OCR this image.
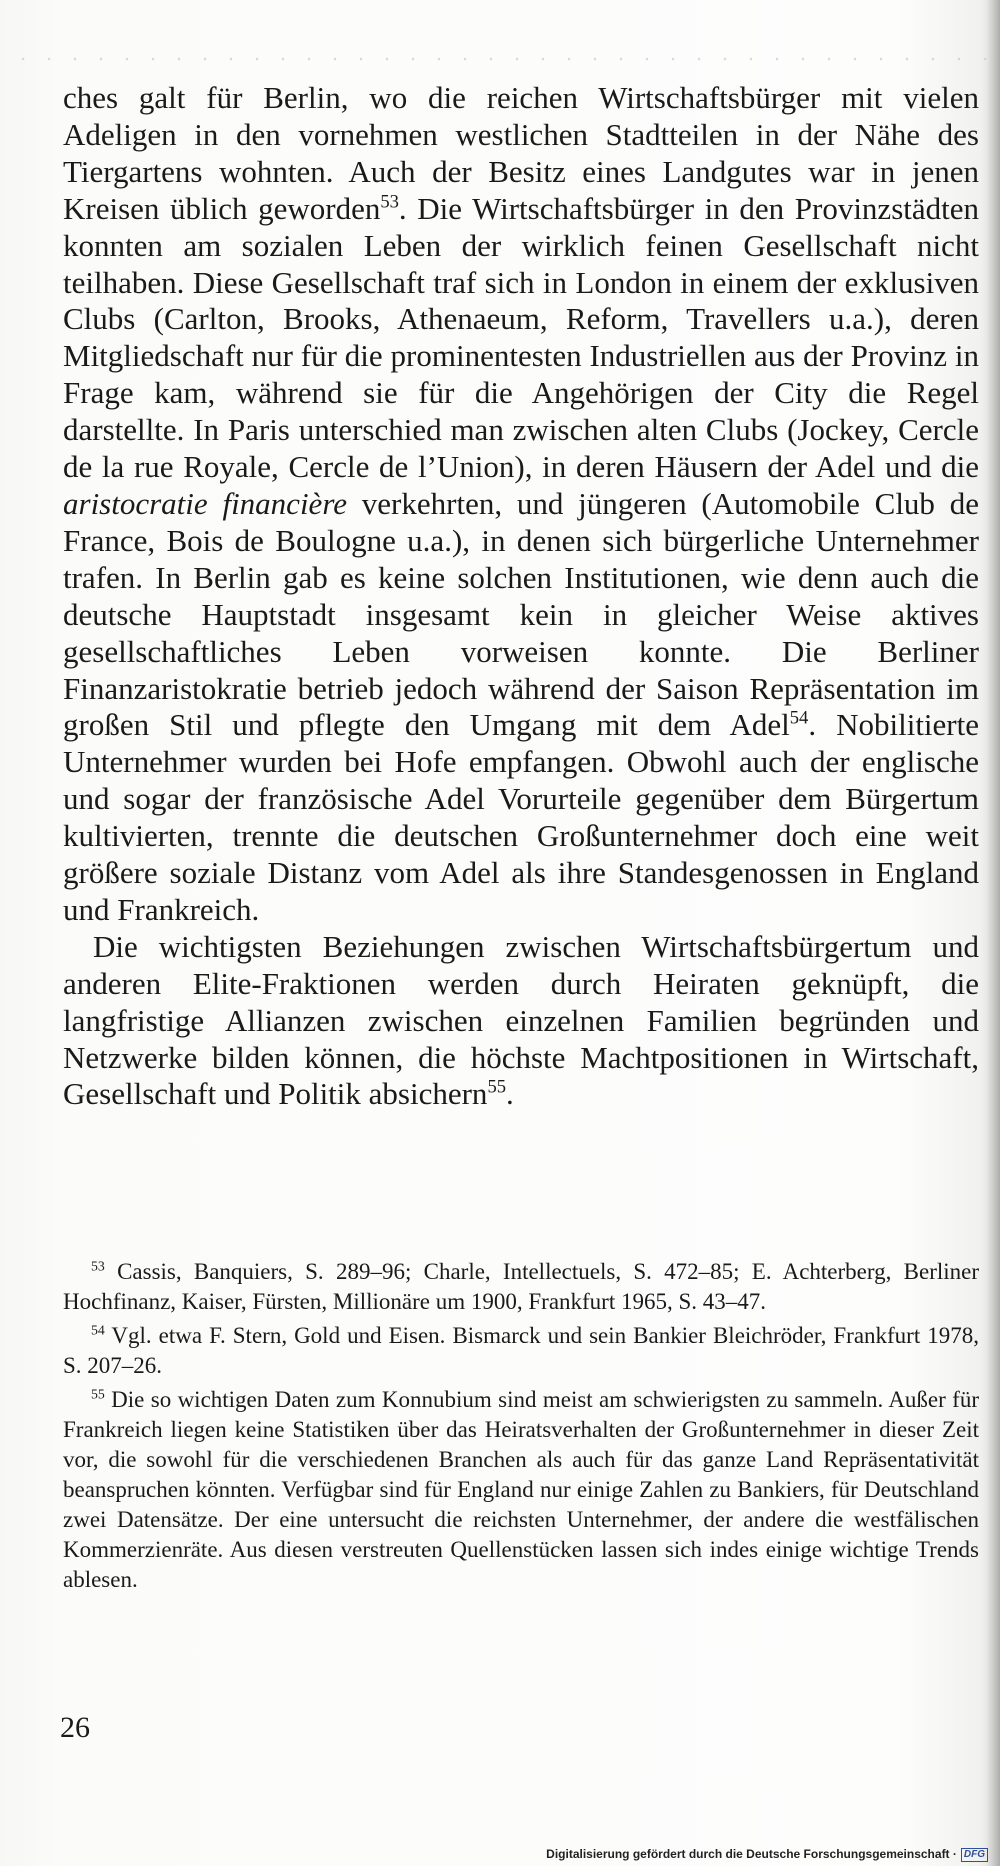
ches galt für Berlin, wo die reichen Wirtschaftsbürger mit vielen Adeligen in den vornehmen westlichen Stadtteilen in der Nähe des Tiergartens wohnten. Auch der Besitz eines Landgutes war in jenen Kreisen üblich geworden$^{53}$. Die Wirtschaftsbürger in den Provinzstädten konnten am sozialen Leben der wirklich feinen Gesellschaft nicht teilhaben. Diese Gesellschaft traf sich in London in einem der exklusiven Clubs (Carlton, Brooks, Athenaeum, Reform, Travellers u.a.), deren Mitgliedschaft nur für die prominentesten Industriellen aus der Provinz in Frage kam, während sie für die Angehörigen der City die Regel darstellte. In Paris unterschied man zwischen alten Clubs (Jockey, Cercle de la rue Royale, Cercle de l’Union), in deren Häusern der Adel und die aristocratie financière verkehrten, und jüngeren (Automobile Club de France, Bois de Boulogne u.a.), in denen sich bürgerliche Unternehmer trafen. In Berlin gab es keine solchen Institutionen, wie denn auch die deutsche Hauptstadt insgesamt kein in gleicher Weise aktives gesellschaftliches Leben vorweisen konnte. Die Berliner Finanzaristokratie betrieb jedoch während der Saison Repräsentation im großen Stil und pflegte den Umgang mit dem Adel$^{54}$. Nobilitierte Unternehmer wurden bei Hofe empfangen. Obwohl auch der englische und sogar der französische Adel Vorurteile gegenüber dem Bürgertum kultivierten, trennte die deutschen Großunternehmer doch eine weit größere soziale Distanz vom Adel als ihre Standesgenossen in England und Frankreich.

Die wichtigsten Beziehungen zwischen Wirtschaftsbürgertum und anderen Elite-Fraktionen werden durch Heiraten geknüpft, die langfristige Allianzen zwischen einzelnen Familien begründen und Netzwerke bilden können, die höchste Machtpositionen in Wirtschaft, Gesellschaft und Politik absichern$^{55}$.

$^{53}$ Cassis, Banquiers, S. 289–96; Charle, Intellectuels, S. 472–85; E. Achterberg, Berliner Hochfinanz, Kaiser, Fürsten, Millionäre um 1900, Frankfurt 1965, S. 43–47.

$^{54}$ Vgl. etwa F. Stern, Gold und Eisen. Bismarck und sein Bankier Bleichröder, Frankfurt 1978, S. 207–26.

$^{55}$ Die so wichtigen Daten zum Konnubium sind meist am schwierigsten zu sammeln. Außer für Frankreich liegen keine Statistiken über das Heiratsverhalten der Großunternehmer in dieser Zeit vor, die sowohl für die verschiedenen Branchen als auch für das ganze Land Repräsentativität beanspruchen könnten. Verfügbar sind für England nur einige Zahlen zu Bankiers, für Deutschland zwei Datensätze. Der eine untersucht die reichsten Unternehmer, der andere die westfälischen Kommerzienräte. Aus diesen verstreuten Quellenstücken lassen sich indes einige wichtige Trends ablesen.

26
Digitalisierung gefördert durch die Deutsche Forschungsgemeinschaft · DFG
